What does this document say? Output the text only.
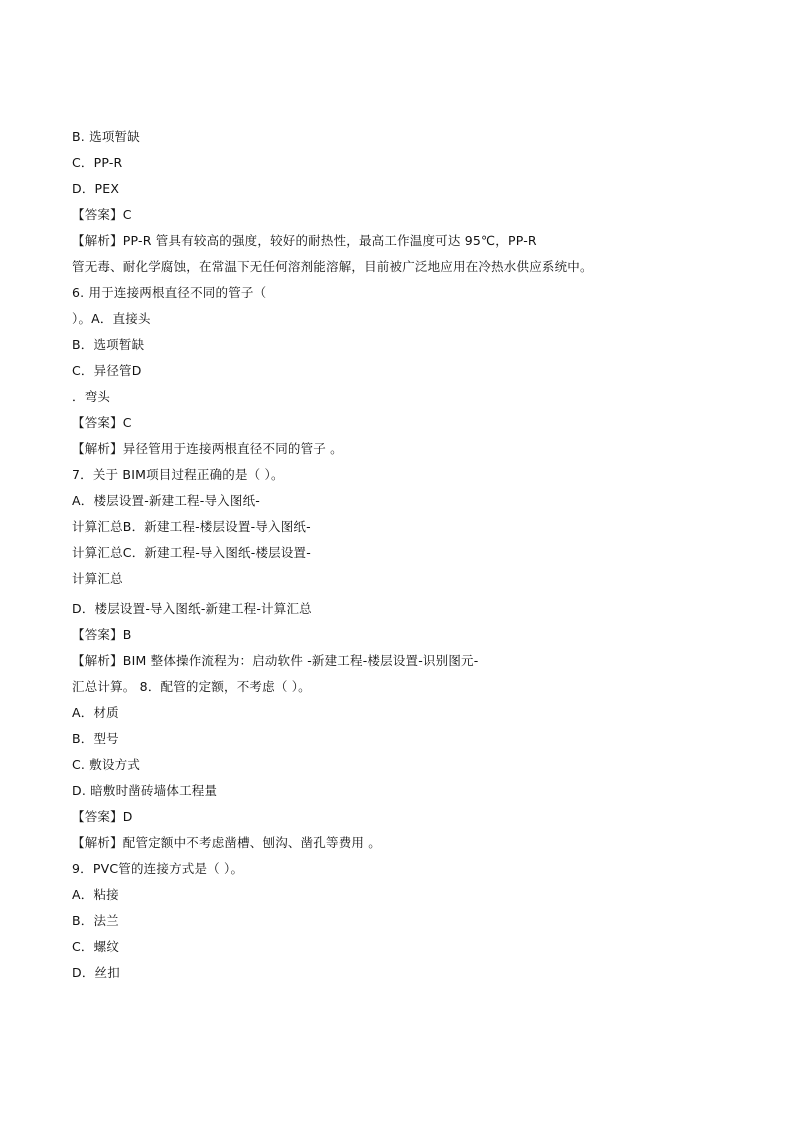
B. 选项暂缺
C．PP-R
D．PEX
【答案】C
【解析】PP-R 管具有较高的强度，较好的耐热性，最高工作温度可达 95℃，PP-R
管无毒、耐化学腐蚀，在常温下无任何溶剂能溶解，目前被广泛地应用在冷热水供应系统中。
6. 用于连接两根直径不同的管子（
）。A．直接头
B．选项暂缺
C．异径管D
．弯头
【答案】C
【解析】异径管用于连接两根直径不同的管子 。
7．关于 BIM项目过程正确的是（ ）。
A．楼层设置-新建工程-导入图纸-
计算汇总B．新建工程-楼层设置-导入图纸-
计算汇总C．新建工程-导入图纸-楼层设置-
计算汇总
D．楼层设置-导入图纸-新建工程-计算汇总
【答案】B
【解析】BIM 整体操作流程为：启动软件 -新建工程-楼层设置-识别图元-
汇总计算。 8．配管的定额，不考虑（ ）。
A．材质
B．型号
C. 敷设方式
D. 暗敷时凿砖墙体工程量
【答案】D
【解析】配管定额中不考虑凿槽、刨沟、凿孔等费用 。
9．PVC管的连接方式是（ ）。
A．粘接
B．法兰
C．螺纹
D．丝扣
